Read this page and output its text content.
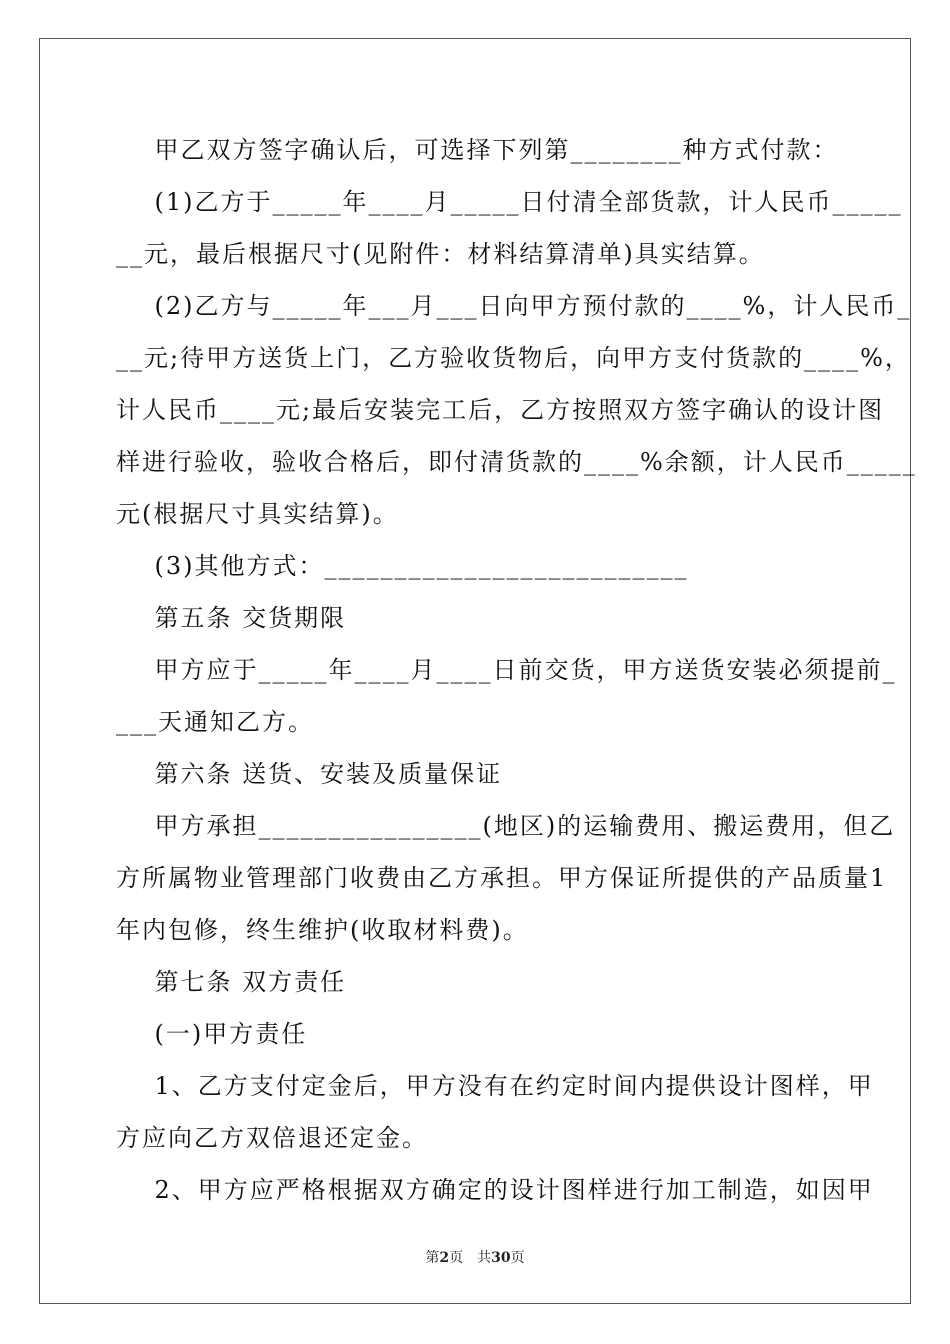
甲乙双方签字确认后，可选择下列第________种方式付款：
(1)乙方于_____年____月_____日付清全部货款，计人民币_____
__元，最后根据尺寸(见附件：材料结算清单)具实结算。
(2)乙方与_____年___月___日向甲方预付款的____%，计人民币_
__元;待甲方送货上门，乙方验收货物后，向甲方支付货款的____%，
计人民币____元;最后安装完工后，乙方按照双方签字确认的设计图
样进行验收，验收合格后，即付清货款的____%余额，计人民币_____
元(根据尺寸具实结算)。
(3)其他方式：__________________________
第五条 交货期限
甲方应于_____年____月____日前交货，甲方送货安装必须提前_
___天通知乙方。
第六条 送货、安装及质量保证
甲方承担________________(地区)的运输费用、搬运费用，但乙
方所属物业管理部门收费由乙方承担。甲方保证所提供的产品质量1
年内包修，终生维护(收取材料费)。
第七条 双方责任
(一)甲方责任
1、乙方支付定金后，甲方没有在约定时间内提供设计图样，甲
方应向乙方双倍退还定金。
2、甲方应严格根据双方确定的设计图样进行加工制造，如因甲
第2页　共30页
